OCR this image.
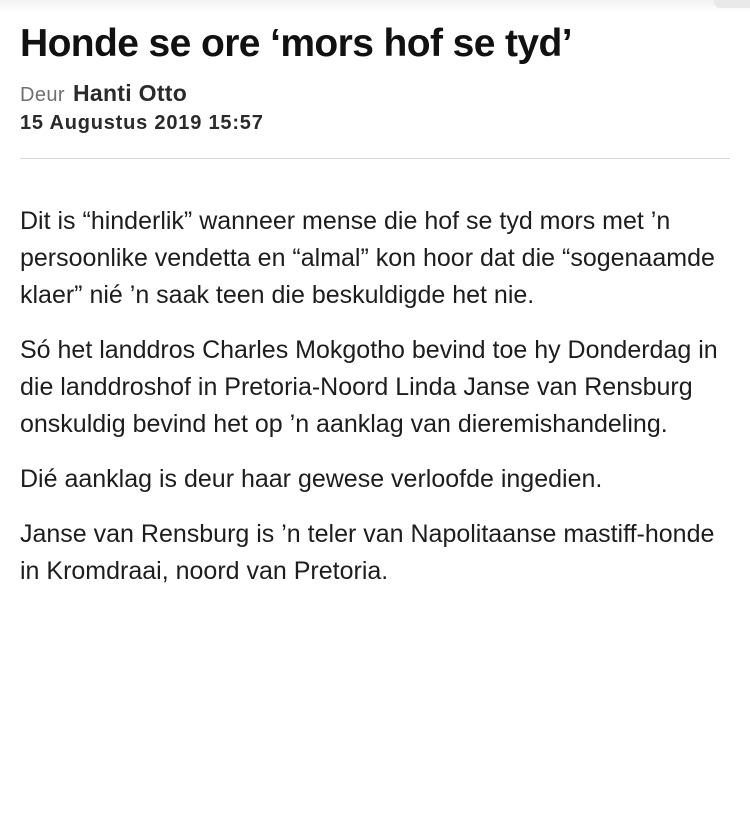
Honde se ore ‘mors hof se tyd’
Deur Hanti Otto
15 Augustus 2019 15:57

Dit is “hinderlik” wanneer mense die hof se tyd mors met ’n persoonlike vendetta en “almal” kon hoor dat die “sogenaamde klaer” nié ’n saak teen die beskuldigde het nie.

Só het landdros Charles Mokgotho bevind toe hy Donderdag in die landdroshof in Pretoria-Noord Linda Janse van Rensburg onskuldig bevind het op ’n aanklag van dieremishandeling.

Dié aanklag is deur haar gewese verloofde ingedien.

Janse van Rensburg is ’n teler van Napolitaanse mastiff-honde in Kromdraai, noord van Pretoria.
